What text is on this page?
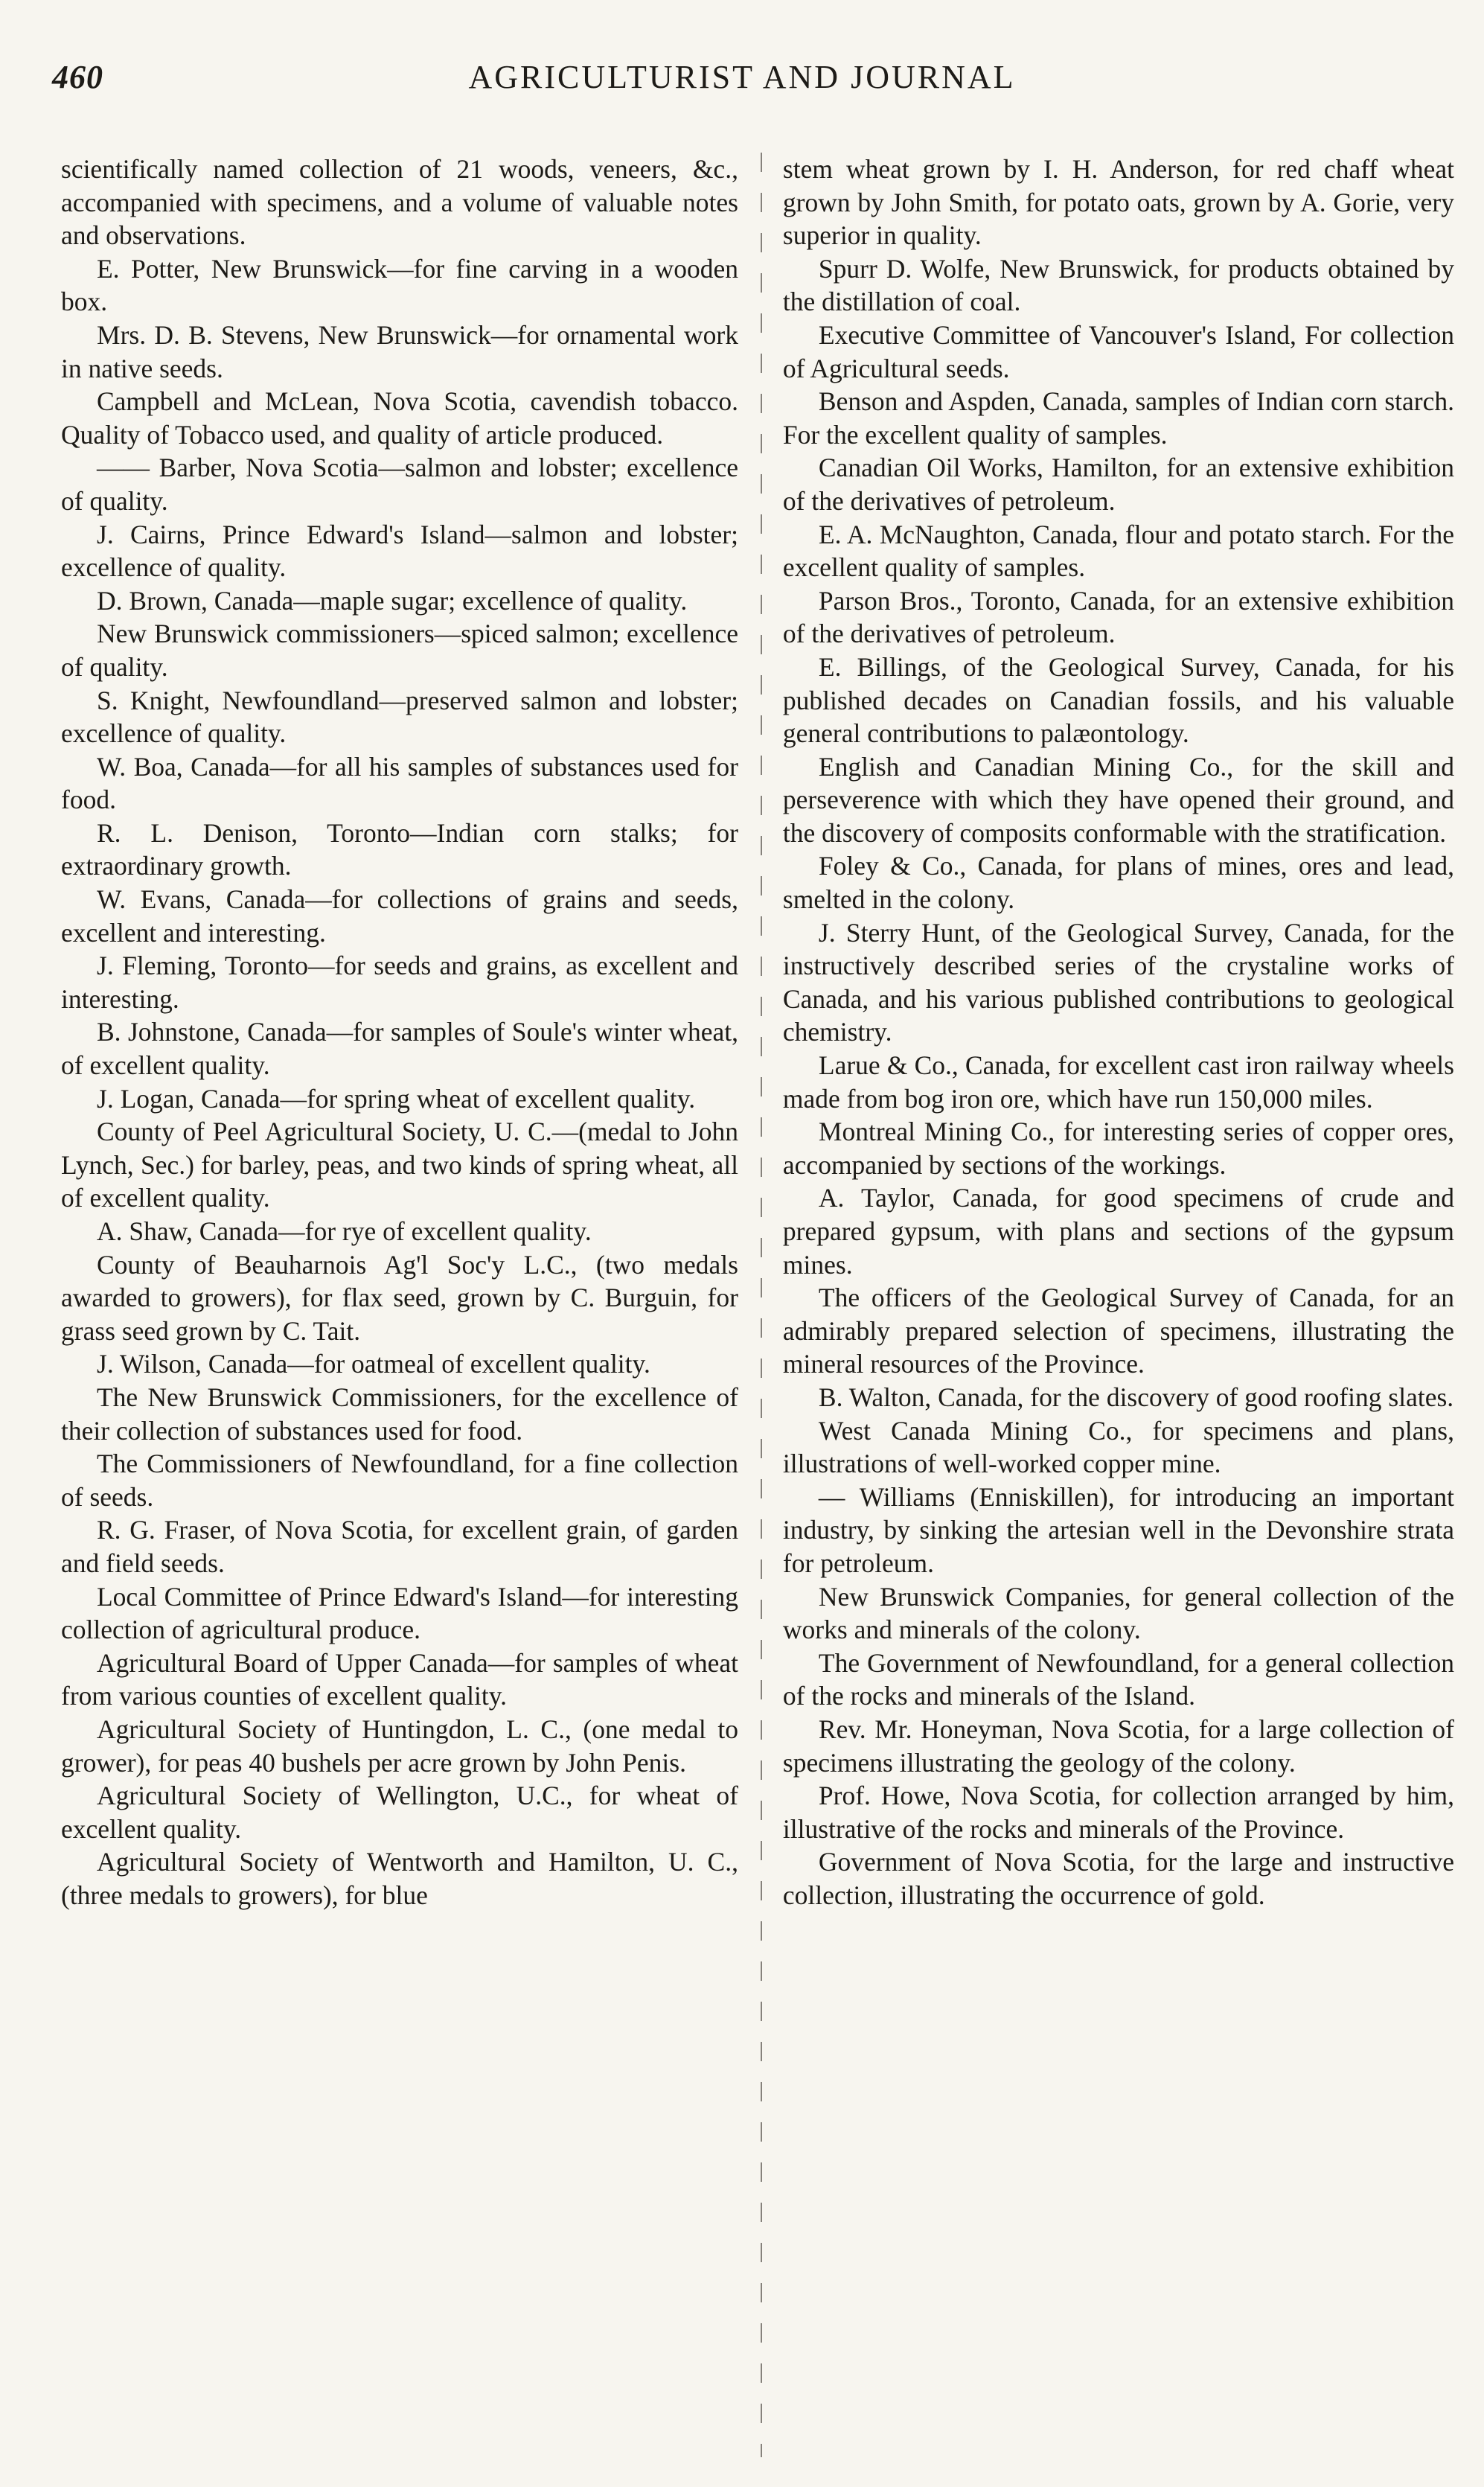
460	AGRICULTURIST AND JOURNAL

scientifically named collection of 21 woods, veneers, &c., accompanied with specimens, and a volume of valuable notes and observations.

E. Potter, New Brunswick—for fine carving in a wooden box.

Mrs. D. B. Stevens, New Brunswick—for ornamental work in native seeds.

Campbell and McLean, Nova Scotia, cavendish tobacco. Quality of Tobacco used, and quality of article produced.

—— Barber, Nova Scotia—salmon and lobster; excellence of quality.

J. Cairns, Prince Edward's Island—salmon and lobster; excellence of quality.

D. Brown, Canada—maple sugar; excellence of quality.

New Brunswick commissioners—spiced salmon; excellence of quality.

S. Knight, Newfoundland—preserved salmon and lobster; excellence of quality.

W. Boa, Canada—for all his samples of substances used for food.

R. L. Denison, Toronto—Indian corn stalks; for extraordinary growth.

W. Evans, Canada—for collections of grains and seeds, excellent and interesting.

J. Fleming, Toronto—for seeds and grains, as excellent and interesting.

B. Johnstone, Canada—for samples of Soule's winter wheat, of excellent quality.

J. Logan, Canada—for spring wheat of excellent quality.

County of Peel Agricultural Society, U. C.—(medal to John Lynch, Sec.) for barley, peas, and two kinds of spring wheat, all of excellent quality.

A. Shaw, Canada—for rye of excellent quality.

County of Beauharnois Ag'l Soc'y L.C., (two medals awarded to growers), for flax seed, grown by C. Burguin, for grass seed grown by C. Tait.

J. Wilson, Canada—for oatmeal of excellent quality.

The New Brunswick Commissioners, for the excellence of their collection of substances used for food.

The Commissioners of Newfoundland, for a fine collection of seeds.

R. G. Fraser, of Nova Scotia, for excellent grain, of garden and field seeds.

Local Committee of Prince Edward's Island—for interesting collection of agricultural produce.

Agricultural Board of Upper Canada—for samples of wheat from various counties of excellent quality.

Agricultural Society of Huntingdon, L. C., (one medal to grower), for peas 40 bushels per acre grown by John Penis.

Agricultural Society of Wellington, U.C., for wheat of excellent quality.

Agricultural Society of Wentworth and Hamilton, U. C., (three medals to growers), for blue

stem wheat grown by I. H. Anderson, for red chaff wheat grown by John Smith, for potato oats, grown by A. Gorie, very superior in quality.

Spurr D. Wolfe, New Brunswick, for products obtained by the distillation of coal.

Executive Committee of Vancouver's Island, For collection of Agricultural seeds.

Benson and Aspden, Canada, samples of Indian corn starch. For the excellent quality of samples.

Canadian Oil Works, Hamilton, for an extensive exhibition of the derivatives of petroleum.

E. A. McNaughton, Canada, flour and potato starch. For the excellent quality of samples.

Parson Bros., Toronto, Canada, for an extensive exhibition of the derivatives of petroleum.

E. Billings, of the Geological Survey, Canada, for his published decades on Canadian fossils, and his valuable general contributions to palæontology.

English and Canadian Mining Co., for the skill and perseverence with which they have opened their ground, and the discovery of composits conformable with the stratification.

Foley & Co., Canada, for plans of mines, ores and lead, smelted in the colony.

J. Sterry Hunt, of the Geological Survey, Canada, for the instructively described series of the crystaline works of Canada, and his various published contributions to geological chemistry.

Larue & Co., Canada, for excellent cast iron railway wheels made from bog iron ore, which have run 150,000 miles.

Montreal Mining Co., for interesting series of copper ores, accompanied by sections of the workings.

A. Taylor, Canada, for good specimens of crude and prepared gypsum, with plans and sections of the gypsum mines.

The officers of the Geological Survey of Canada, for an admirably prepared selection of specimens, illustrating the mineral resources of the Province.

B. Walton, Canada, for the discovery of good roofing slates.

West Canada Mining Co., for specimens and plans, illustrations of well-worked copper mine.

— Williams (Enniskillen), for introducing an important industry, by sinking the artesian well in the Devonshire strata for petroleum.

New Brunswick Companies, for general collection of the works and minerals of the colony.

The Government of Newfoundland, for a general collection of the rocks and minerals of the Island.

Rev. Mr. Honeyman, Nova Scotia, for a large collection of specimens illustrating the geology of the colony.

Prof. Howe, Nova Scotia, for collection arranged by him, illustrative of the rocks and minerals of the Province.

Government of Nova Scotia, for the large and instructive collection, illustrating the occurrence of gold.
